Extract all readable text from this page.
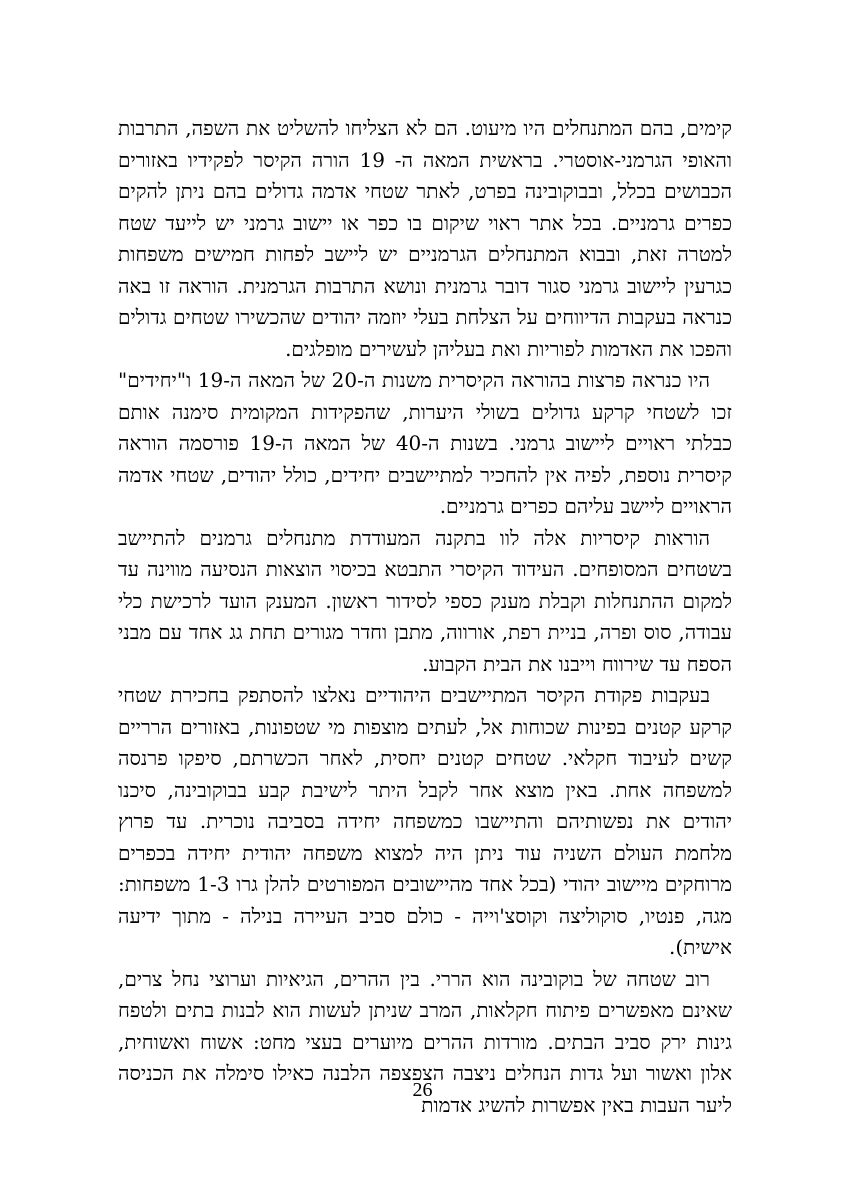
קימים, בהם המתנחלים היו מיעוט. הם לא הצליחו להשליט את השפה, התרבות והאופי הגרמני-אוסטרי. בראשית המאה ה- 19 הורה הקיסר לפקידיו באזורים הכבושים בכלל, ובבוקובינה בפרט, לאתר שטחי אדמה גדולים בהם ניתן להקים כפרים גרמניים. בכל אתר ראוי שיקום בו כפר או יישוב גרמני יש לייעד שטח למטרה זאת, ובבוא המתנחלים הגרמניים יש ליישב לפחות חמישים משפחות כגרעין ליישוב גרמני סגור דובר גרמנית ונושא התרבות הגרמנית. הוראה זו באה כנראה בעקבות הדיווחים על הצלחת בעלי יוזמה יהודים שהכשירו שטחים גדולים והפכו את האדמות לפוריות ואת בעליהן לעשירים מופלגים.

היו כנראה פרצות בהוראה הקיסרית משנות ה-20 של המאה ה-19 ו"יחידים" זכו לשטחי קרקע גדולים בשולי היערות, שהפקידות המקומית סימנה אותם כבלתי ראויים ליישוב גרמני. בשנות ה-40 של המאה ה-19 פורסמה הוראה קיסרית נוספת, לפיה אין להחכיר למתיישבים יחידים, כולל יהודים, שטחי אדמה הראויים ליישב עליהם כפרים גרמניים.

הוראות קיסריות אלה לוו בתקנה המעודדת מתנחלים גרמנים להתיישב בשטחים המסופחים. העידוד הקיסרי התבטא בכיסוי הוצאות הנסיעה מווינה עד למקום ההתנחלות וקבלת מענק כספי לסידור ראשון. המענק הועד לרכישת כלי עבודה, סוס ופרה, בניית רפת, אורווה, מתבן וחדר מגורים תחת גג אחד עם מבני הספח עד שירווח וייבנו את הבית הקבוע.

בעקבות פקודת הקיסר המתיישבים היהודיים נאלצו להסתפק בחכירת שטחי קרקע קטנים בפינות שכוחות אל, לעתים מוצפות מי שטפונות, באזורים הרריים קשים לעיבוד חקלאי. שטחים קטנים יחסית, לאחר הכשרתם, סיפקו פרנסה למשפחה אחת. באין מוצא אחר לקבל היתר לישיבת קבע בבוקובינה, סיכנו יהודים את נפשותיהם והתיישבו כמשפחה יחידה בסביבה נוכרית. עד פרוץ מלחמת העולם השניה עוד ניתן היה למצוא משפחה יהודית יחידה בכפרים מרוחקים מיישוב יהודי (בכל אחד מהיישובים המפורטים להלן גרו 1-3 משפחות: מגה, פנטיו, סוקוליצה וקוסצ'וייה - כולם סביב העיירה בנילה - מתוך ידיעה אישית).

רוב שטחה של בוקובינה הוא הררי. בין ההרים, הגיאיות וערוצי נחל צרים, שאינם מאפשרים פיתוח חקלאות, המרב שניתן לעשות הוא לבנות בתים ולטפח גינות ירק סביב הבתים. מורדות ההרים מיוערים בעצי מחט: אשוח ואשוחית, אלון ואשור ועל גדות הנחלים ניצבה הצפצפה הלבנה כאילו סימלה את הכניסה ליער העבות באין אפשרות להשיג אדמות

26
